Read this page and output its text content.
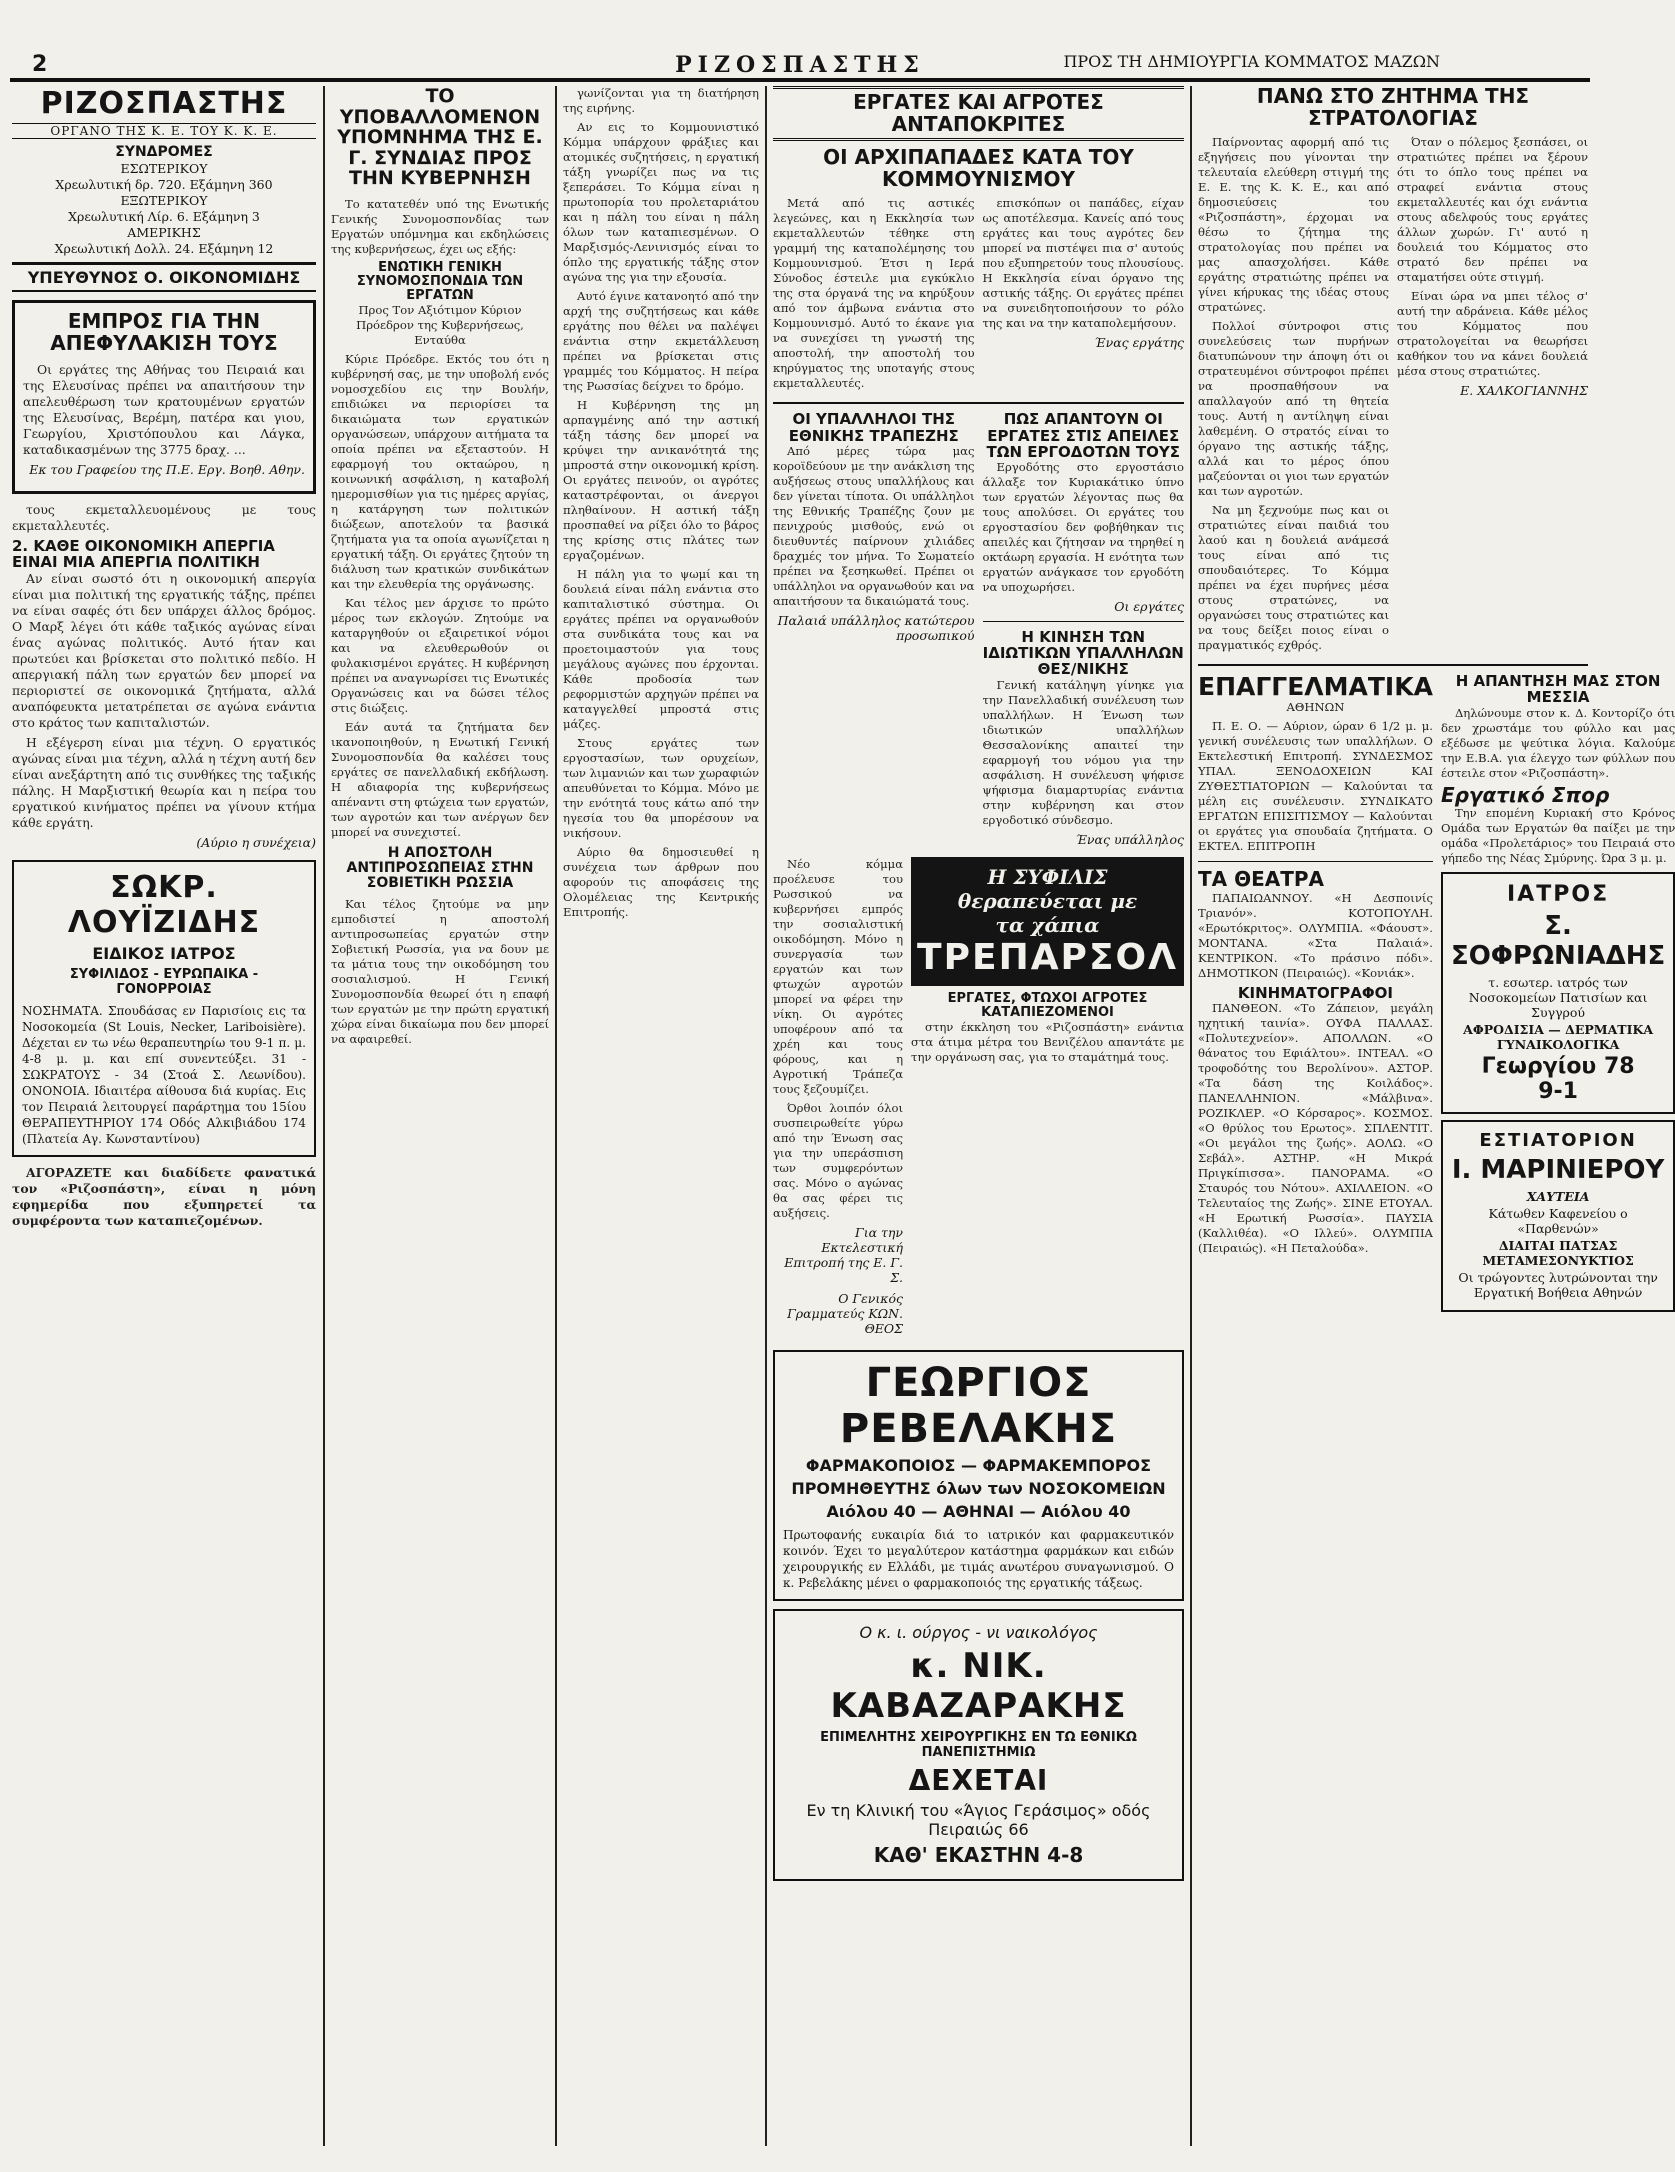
2	ΡΙΖΟΣΠΑΣΤΗΣ	ΠΡΟΣ ΤΗ ΔΗΜΙΟΥΡΓΙΑ ΚΟΜΜΑΤΟΣ ΜΑΖΩΝ
ΡΙΖΟΣΠΑΣΤΗΣ
ΟΡΓΑΝΟ ΤΗΣ Κ. Ε. ΤΟΥ Κ. Κ. Ε.
ΣΥΝΔΡΟΜΕΣ
ΕΣΩΤΕΡΙΚΟΥ
Χρεωλυτική δρ. 720. Εξάμηνη 360
ΕΞΩΤΕΡΙΚΟΥ
Χρεωλυτική Λίρ. 6. Εξάμηνη 3
ΑΜΕΡΙΚΗΣ
Χρεωλυτική Δολλ. 24. Εξάμηνη 12
ΥΠΕΥΘΥΝΟΣ Ο. ΟΙΚΟΝΟΜΙΔΗΣ

ΕΜΠΡΟΣ ΓΙΑ ΤΗΝ ΑΠΕΦΥΛΑΚΙΣΗ ΤΟΥΣ

Οι εργάτες της Αθήνας του Πειραιά και της Ελευσίνας πρέπει να απαιτήσουν την απελευθέρωση των κρατουμένων εργατών της Ελευσίνας, Βερέμη, πατέρα και γιου, Γεωργίου, Χριστόπουλου και Λάγκα, καταδικασμένων της 3775 δραχ. ...

Εκ του Γραφείου της Π.Ε. Εργ. Βοηθ. Αθην.

τους εκμεταλλευομένους με τους εκμεταλλευτές.

2. ΚΑΘΕ ΟΙΚΟΝΟΜΙΚΗ ΑΠΕΡΓΙΑ ΕΙΝΑΙ ΜΙΑ ΑΠΕΡΓΙΑ ΠΟΛΙΤΙΚΗ

Αν είναι σωστό ότι η οικονομική απεργία είναι μια πολιτική της εργατικής τάξης, πρέπει να είναι σαφές ότι δεν υπάρχει άλλος δρόμος. Ο Μαρξ λέγει ότι κάθε ταξικός αγώνας είναι ένας αγώνας πολιτικός. Αυτό ήταν και πρωτεύει και βρίσκεται στο πολιτικό πεδίο. Η απεργιακή πάλη των εργατών δεν μπορεί να περιοριστεί σε οικονομικά ζητήματα, αλλά αναπόφευκτα μετατρέπεται σε αγώνα ενάντια στο κράτος των καπιταλιστών.

Η εξέγερση είναι μια τέχνη. Ο εργατικός αγώνας είναι μια τέχνη, αλλά η τέχνη αυτή δεν είναι ανεξάρτητη από τις συνθήκες της ταξικής πάλης. Η Μαρξιστική θεωρία και η πείρα του εργατικού κινήματος πρέπει να γίνουν κτήμα κάθε εργάτη.

(Αύριο η συνέχεια)

ΣΩΚΡ. ΛΟΥΪΖΙΔΗΣ
ΕΙΔΙΚΟΣ ΙΑΤΡΟΣ
ΣΥΦΙΛΙΔΟΣ - ΕΥΡΩΠΑΙΚΑ - ΓΟΝΟΡΡΟΙΑΣ
ΝΟΣΗΜΑΤΑ. Σπουδάσας εν Παρισίοις εις τα Νοσοκομεία (St Louis, Necker, Lariboisière). Δέχεται εν τω νέω θεραπευτηρίω του 9-1 π. μ. 4-8 μ. μ. και επί συνεντεύξει. 31 - ΣΩΚΡΑΤΟΥΣ - 34 (Στοά Σ. Λεωνίδου). ΟΝΟΝΟΙΑ. Ιδιαιτέρα αίθουσα διά κυρίας. Εις τον Πειραιά λειτουργεί παράρτημα του 15ίου ΘΕΡΑΠΕΥΤΗΡΙΟΥ 174 Οδός Αλκιβιάδου 174 (Πλατεία Αγ. Κωνσταντίνου)

ΑΓΟΡΑΖΕΤΕ και διαδίδετε φανατικά τον «Ριζοσπάστη», είναι η μόνη εφημερίδα που εξυπηρετεί τα συμφέροντα των καταπιεζομένων.

ΤΟ ΥΠΟΒΑΛΛΟΜΕΝΟΝ ΥΠΟΜΝΗΜΑ ΤΗΣ Ε. Γ. ΣΥΝΔΙΑΣ ΠΡΟΣ ΤΗΝ ΚΥΒΕΡΝΗΣΗ

Το κατατεθέν υπό της Ενωτικής Γενικής Συνομοσπονδίας των Εργατών υπόμνημα και εκδηλώσεις της κυβερνήσεως, έχει ως εξής:

ΕΝΩΤΙΚΗ ΓΕΝΙΚΗ ΣΥΝΟΜΟΣΠΟΝΔΙΑ ΤΩΝ ΕΡΓΑΤΩΝ

Προς Τον Αξιότιμον Κύριον Πρόεδρον της Κυβερνήσεως, Ενταύθα

Κύριε Πρόεδρε. Εκτός του ότι η κυβέρνησή σας, με την υποβολή ενός νομοσχεδίου εις την Βουλήν, επιδιώκει να περιορίσει τα δικαιώματα των εργατικών οργανώσεων, υπάρχουν αιτήματα τα οποία πρέπει να εξεταστούν. Η εφαρμογή του οκταώρου, η κοινωνική ασφάλιση, η καταβολή ημερομισθίων για τις ημέρες αργίας, η κατάργηση των πολιτικών διώξεων, αποτελούν τα βασικά ζητήματα για τα οποία αγωνίζεται η εργατική τάξη. Οι εργάτες ζητούν τη διάλυση των κρατικών συνδικάτων και την ελευθερία της οργάνωσης.

Και τέλος μεν άρχισε το πρώτο μέρος των εκλογών. Ζητούμε να καταργηθούν οι εξαιρετικοί νόμοι και να ελευθερωθούν οι φυλακισμένοι εργάτες. Η κυβέρνηση πρέπει να αναγνωρίσει τις Ενωτικές Οργανώσεις και να δώσει τέλος στις διώξεις.

Εάν αυτά τα ζητήματα δεν ικανοποιηθούν, η Ενωτική Γενική Συνομοσπονδία θα καλέσει τους εργάτες σε πανελλαδική εκδήλωση. Η αδιαφορία της κυβερνήσεως απέναντι στη φτώχεια των εργατών, των αγροτών και των ανέργων δεν μπορεί να συνεχιστεί.

Η ΑΠΟΣΤΟΛΗ ΑΝΤΙΠΡΟΣΩΠΕΙΑΣ ΣΤΗΝ ΣΟΒΙΕΤΙΚΗ ΡΩΣΣΙΑ

Και τέλος ζητούμε να μην εμποδιστεί η αποστολή αντιπροσωπείας εργατών στην Σοβιετική Ρωσσία, για να δουν με τα μάτια τους την οικοδόμηση του σοσιαλισμού. Η Γενική Συνομοσπονδία θεωρεί ότι η επαφή των εργατών με την πρώτη εργατική χώρα είναι δικαίωμα που δεν μπορεί να αφαιρεθεί.

γωνίζονται για τη διατήρηση της ειρήνης.

Αν εις το Κομμουνιστικό Κόμμα υπάρχουν φράξιες και ατομικές συζητήσεις, η εργατική τάξη γνωρίζει πως να τις ξεπεράσει. Το Κόμμα είναι η πρωτοπορία του προλεταριάτου και η πάλη του είναι η πάλη όλων των καταπιεσμένων. Ο Μαρξισμός-Λενινισμός είναι το όπλο της εργατικής τάξης στον αγώνα της για την εξουσία.

Αυτό έγινε κατανοητό από την αρχή της συζητήσεως και κάθε εργάτης που θέλει να παλέψει ενάντια στην εκμετάλλευση πρέπει να βρίσκεται στις γραμμές του Κόμματος. Η πείρα της Ρωσσίας δείχνει το δρόμο.

Η Κυβέρνηση της μη αρπαγμένης από την αστική τάξη τάσης δεν μπορεί να κρύψει την ανικανότητά της μπροστά στην οικονομική κρίση. Οι εργάτες πεινούν, οι αγρότες καταστρέφονται, οι άνεργοι πληθαίνουν. Η αστική τάξη προσπαθεί να ρίξει όλο το βάρος της κρίσης στις πλάτες των εργαζομένων.

Η πάλη για το ψωμί και τη δουλειά είναι πάλη ενάντια στο καπιταλιστικό σύστημα. Οι εργάτες πρέπει να οργανωθούν στα συνδικάτα τους και να προετοιμαστούν για τους μεγάλους αγώνες που έρχονται. Κάθε προδοσία των ρεφορμιστών αρχηγών πρέπει να καταγγελθεί μπροστά στις μάζες.

Στους εργάτες των εργοστασίων, των ορυχείων, των λιμανιών και των χωραφιών απευθύνεται το Κόμμα. Μόνο με την ενότητά τους κάτω από την ηγεσία του θα μπορέσουν να νικήσουν.

Αύριο θα δημοσιευθεί η συνέχεια των άρθρων που αφορούν τις αποφάσεις της Ολομέλειας της Κεντρικής Επιτροπής.

ΕΡΓΑΤΕΣ ΚΑΙ ΑΓΡΟΤΕΣ ΑΝΤΑΠΟΚΡΙΤΕΣ

ΟΙ ΑΡΧΙΠΑΠΑΔΕΣ ΚΑΤΑ ΤΟΥ ΚΟΜΜΟΥΝΙΣΜΟΥ

Μετά από τις αστικές λεγεώνες, και η Εκκλησία των εκμεταλλευτών τέθηκε στη γραμμή της καταπολέμησης του Κομμουνισμού. Έτσι η Ιερά Σύνοδος έστειλε μια εγκύκλιο της στα όργανά της να κηρύξουν από τον άμβωνα ενάντια στο Κομμουνισμό. Αυτό το έκανε για να συνεχίσει τη γνωστή της αποστολή, την αποστολή του κηρύγματος της υποταγής στους εκμεταλλευτές.

επισκόπων οι παπάδες, είχαν ως αποτέλεσμα. Κανείς από τους εργάτες και τους αγρότες δεν μπορεί να πιστέψει πια σ' αυτούς που εξυπηρετούν τους πλουσίους. Η Εκκλησία είναι όργανο της αστικής τάξης. Οι εργάτες πρέπει να συνειδητοποιήσουν το ρόλο της και να την καταπολεμήσουν.

Ένας εργάτης

ΟΙ ΥΠΑΛΛΗΛΟΙ ΤΗΣ ΕΘΝΙΚΗΣ ΤΡΑΠΕΖΗΣ

Από μέρες τώρα μας κοροϊδεύουν με την ανάκλιση της αυξήσεως στους υπαλλήλους και δεν γίνεται τίποτα. Οι υπάλληλοι της Εθνικής Τραπέζης ζουν με πενιχρούς μισθούς, ενώ οι διευθυντές παίρνουν χιλιάδες δραχμές τον μήνα. Το Σωματείο πρέπει να ξεσηκωθεί. Πρέπει οι υπάλληλοι να οργανωθούν και να απαιτήσουν τα δικαιώματά τους.

Παλαιά υπάλληλος κατώτερου προσωπικού

ΠΩΣ ΑΠΑΝΤΟΥΝ ΟΙ ΕΡΓΑΤΕΣ ΣΤΙΣ ΑΠΕΙΛΕΣ ΤΩΝ ΕΡΓΟΔΟΤΩΝ ΤΟΥΣ

Εργοδότης στο εργοστάσιο άλλαξε τον Κυριακάτικο ύπνο των εργατών λέγοντας πως θα τους απολύσει. Οι εργάτες του εργοστασίου δεν φοβήθηκαν τις απειλές και ζήτησαν να τηρηθεί η οκτάωρη εργασία. Η ενότητα των εργατών ανάγκασε τον εργοδότη να υποχωρήσει.

Οι εργάτες

Η ΚΙΝΗΣΗ ΤΩΝ ΙΔΙΩΤΙΚΩΝ ΥΠΑΛΛΗΛΩΝ ΘΕΣ/ΝΙΚΗΣ

Γενική κατάληψη γίνηκε για την Πανελλαδική συνέλευση των υπαλλήλων. Η Ένωση των ιδιωτικών υπαλλήλων Θεσσαλονίκης απαιτεί την εφαρμογή του νόμου για την ασφάλιση. Η συνέλευση ψήφισε ψήφισμα διαμαρτυρίας ενάντια στην κυβέρνηση και στον εργοδοτικό σύνδεσμο.

Ένας υπάλληλος

Νέο κόμμα προέλευσε του Ρωσσικού να κυβερνήσει εμπρός την σοσιαλιστική οικοδόμηση. Μόνο η συνεργασία των εργατών και των φτωχών αγροτών μπορεί να φέρει την νίκη. Οι αγρότες υποφέρουν από τα χρέη και τους φόρους, και η Αγροτική Τράπεζα τους ξεζουμίζει.

Όρθοι λοιπόν όλοι συσπειρωθείτε γύρω από την Ένωση σας για την υπεράσπιση των συμφερόντων σας. Μόνο ο αγώνας θα σας φέρει τις αυξήσεις.

Για την Εκτελεστική Επιτροπή της Ε. Γ. Σ.

Ο Γενικός Γραμματεύς ΚΩΝ. ΘΕΟΣ

Η ΣΥΦΙΛΙΣ
θεραπεύεται με
τα χάπια
ΤΡΕΠΑΡΣΟΛ

ΕΡΓΑΤΕΣ, ΦΤΩΧΟΙ ΑΓΡΟΤΕΣ ΚΑΤΑΠΙΕΖΟΜΕΝΟΙ

στην έκκληση του «Ριζοσπάστη» ενάντια στα άτιμα μέτρα του Βενιζέλου απαντάτε με την οργάνωση σας, για το σταμάτημά τους.

ΓΕΩΡΓΙΟΣ ΡΕΒΕΛΑΚΗΣ
ΦΑΡΜΑΚΟΠΟΙΟΣ — ΦΑΡΜΑΚΕΜΠΟΡΟΣ
ΠΡΟΜΗΘΕΥΤΗΣ όλων των ΝΟΣΟΚΟΜΕΙΩΝ
Αιόλου 40 — ΑΘΗΝΑΙ — Αιόλου 40
Πρωτοφανής ευκαιρία διά το ιατρικόν και φαρμακευτικόν κοινόν. Έχει το μεγαλύτερον κατάστημα φαρμάκων και ειδών χειρουργικής εν Ελλάδι, με τιμάς ανωτέρου συναγωνισμού. Ο κ. Ρεβελάκης μένει ο φαρμακοποιός της εργατικής τάξεως.
Ο κ. ι. ούργος - νι ναικολόγος
κ. ΝΙΚ. ΚΑΒΑΖΑΡΑΚΗΣ
ΕΠΙΜΕΛΗΤΗΣ ΧΕΙΡΟΥΡΓΙΚΗΣ ΕΝ ΤΩ ΕΘΝΙΚΩ ΠΑΝΕΠΙΣΤΗΜΙΩ
ΔΕΧΕΤΑΙ
Εν τη Κλινική του «Άγιος Γεράσιμος» οδός Πειραιώς 66
ΚΑΘ' ΕΚΑΣΤΗΝ 4-8

ΠΑΝΩ ΣΤΟ ΖΗΤΗΜΑ ΤΗΣ ΣΤΡΑΤΟΛΟΓΙΑΣ

Παίρνοντας αφορμή από τις εξηγήσεις που γίνονται την τελευταία ελεύθερη στιγμή της Ε. Ε. της Κ. Κ. Ε., και από δημοσιεύσεις του «Ριζοσπάστη», έρχομαι να θέσω το ζήτημα της στρατολογίας που πρέπει να μας απασχολήσει. Κάθε εργάτης στρατιώτης πρέπει να γίνει κήρυκας της ιδέας στους στρατώνες.

Πολλοί σύντροφοι στις συνελεύσεις των πυρήνων διατυπώνουν την άποψη ότι οι στρατευμένοι σύντροφοι πρέπει να προσπαθήσουν να απαλλαγούν από τη θητεία τους. Αυτή η αντίληψη είναι λαθεμένη. Ο στρατός είναι το όργανο της αστικής τάξης, αλλά και το μέρος όπου μαζεύονται οι γιοι των εργατών και των αγροτών.

Να μη ξεχνούμε πως και οι στρατιώτες είναι παιδιά του λαού και η δουλειά ανάμεσά τους είναι από τις σπουδαιότερες. Το Κόμμα πρέπει να έχει πυρήνες μέσα στους στρατώνες, να οργανώσει τους στρατιώτες και να τους δείξει ποιος είναι ο πραγματικός εχθρός.

Όταν ο πόλεμος ξεσπάσει, οι στρατιώτες πρέπει να ξέρουν ότι το όπλο τους πρέπει να στραφεί ενάντια στους εκμεταλλευτές και όχι ενάντια στους αδελφούς τους εργάτες άλλων χωρών. Γι' αυτό η δουλειά του Κόμματος στο στρατό δεν πρέπει να σταματήσει ούτε στιγμή.

Είναι ώρα να μπει τέλος σ' αυτή την αδράνεια. Κάθε μέλος του Κόμματος που στρατολογείται να θεωρήσει καθήκον του να κάνει δουλειά μέσα στους στρατιώτες.

Ε. ΧΑΛΚΟΓΙΑΝΝΗΣ

ΕΠΑΓΓΕΛΜΑΤΙΚΑ

ΑΘΗΝΩΝ

Π. Ε. Ο. — Αύριον, ώραν 6 1/2 μ. μ. γενική συνέλευσις των υπαλλήλων. Ο Εκτελεστική Επιτροπή. ΣΥΝΔΕΣΜΟΣ ΥΠΑΛ. ΞΕΝΟΔΟΧΕΙΩΝ ΚΑΙ ΖΥΘΕΣΤΙΑΤΟΡΙΩΝ — Καλούνται τα μέλη εις συνέλευσιν. ΣΥΝΔΙΚΑΤΟ ΕΡΓΑΤΩΝ ΕΠΙΣΙΤΙΣΜΟΥ — Καλούνται οι εργάτες για σπουδαία ζητήματα. Ο ΕΚΤΕΛ. ΕΠΙΤΡΟΠΗ

ΤΑ ΘΕΑΤΡΑ

ΠΑΠΑΙΩΑΝΝΟΥ. «Η Δεσποινίς Τριανόν». ΚΟΤΟΠΟΥΛΗ. «Ερωτόκριτος». ΟΛΥΜΠΙΑ. «Φάουστ». ΜΟΝΤΑΝΑ. «Στα Παλαιά». ΚΕΝΤΡΙΚΟΝ. «Το πράσινο πόδι». ΔΗΜΟΤΙΚΟΝ (Πειραιώς). «Κονιάκ».

ΚΙΝΗΜΑΤΟΓΡΑΦΟΙ

ΠΑΝΘΕΟΝ. «Το Ζάπειον, μεγάλη ηχητική ταινία». ΟΥΦΑ ΠΑΛΛΑΣ. «Πολυτεχνείον». ΑΠΟΛΛΩΝ. «Ο θάνατος του Εφιάλτου». ΙΝΤΕΑΛ. «Ο τροφοδότης του Βερολίνου». ΑΣΤΟΡ. «Τα δάση της Κοιλάδος». ΠΑΝΕΛΛΗΝΙΟΝ. «Μάλβινα». ΡΟΖΙΚΛΕΡ. «Ο Κόρσαρος». ΚΟΣΜΟΣ. «Ο θρύλος του Ερωτος». ΣΠΛΕΝΤΙΤ. «Οι μεγάλοι της ζωής». ΑΟΛΩ. «Ο Σεβάλ». ΑΣΤΗΡ. «Η Μικρά Πριγκίπισσα». ΠΑΝΟΡΑΜΑ. «Ο Σταυρός του Νότου». ΑΧΙΛΛΕΙΟΝ. «Ο Τελευταίος της Ζωής». ΣΙΝΕ ΕΤΟΥΑΛ. «Η Ερωτική Ρωσσία». ΠΑΥΣΙΑ (Καλλιθέα). «Ο Ιλλεύ». ΟΛΥΜΠΙΑ (Πειραιώς). «Η Πεταλούδα».

Η ΑΠΑΝΤΗΣΗ ΜΑΣ ΣΤΟΝ ΜΕΣΣΙΑ

Δηλώνουμε στον κ. Δ. Κοντορίζο ότι δεν χρωστάμε του φύλλο και μας εξέδωσε με ψεύτικα λόγια. Καλούμε την Ε.Β.Α. για έλεγχο των φύλλων που έστειλε στον «Ριζοσπάστη».

Εργατικό Σπορ

Την επομένη Κυριακή στο Κρόνος Ομάδα των Εργατών θα παίξει με την ομάδα «Προλετάριος» του Πειραιά στο γήπεδο της Νέας Σμύρνης. Ώρα 3 μ. μ.

ΙΑΤΡΟΣ
Σ. ΣΟΦΡΩΝΙΑΔΗΣ
τ. εσωτερ. ιατρός των Νοσοκομείων Πατισίων και Συγγρού
ΑΦΡΟΔΙΣΙΑ — ΔΕΡΜΑΤΙΚΑ ΓΥΝΑΙΚΟΛΟΓΙΚΑ
Γεωργίου 78
9-1
ΕΣΤΙΑΤΟΡΙΟΝ
Ι. ΜΑΡΙΝΙΕΡΟΥ
ΧΑΥΤΕΙΑ
Κάτωθεν Καφενείου ο «Παρθενών»
ΔΙΑΙΤΑΙ ΠΑΤΣΑΣ ΜΕΤΑΜΕΣΟΝΥΚΤΙΟΣ
Οι τρώγοντες λυτρώνονται την Εργατική Βοήθεια Αθηνών
